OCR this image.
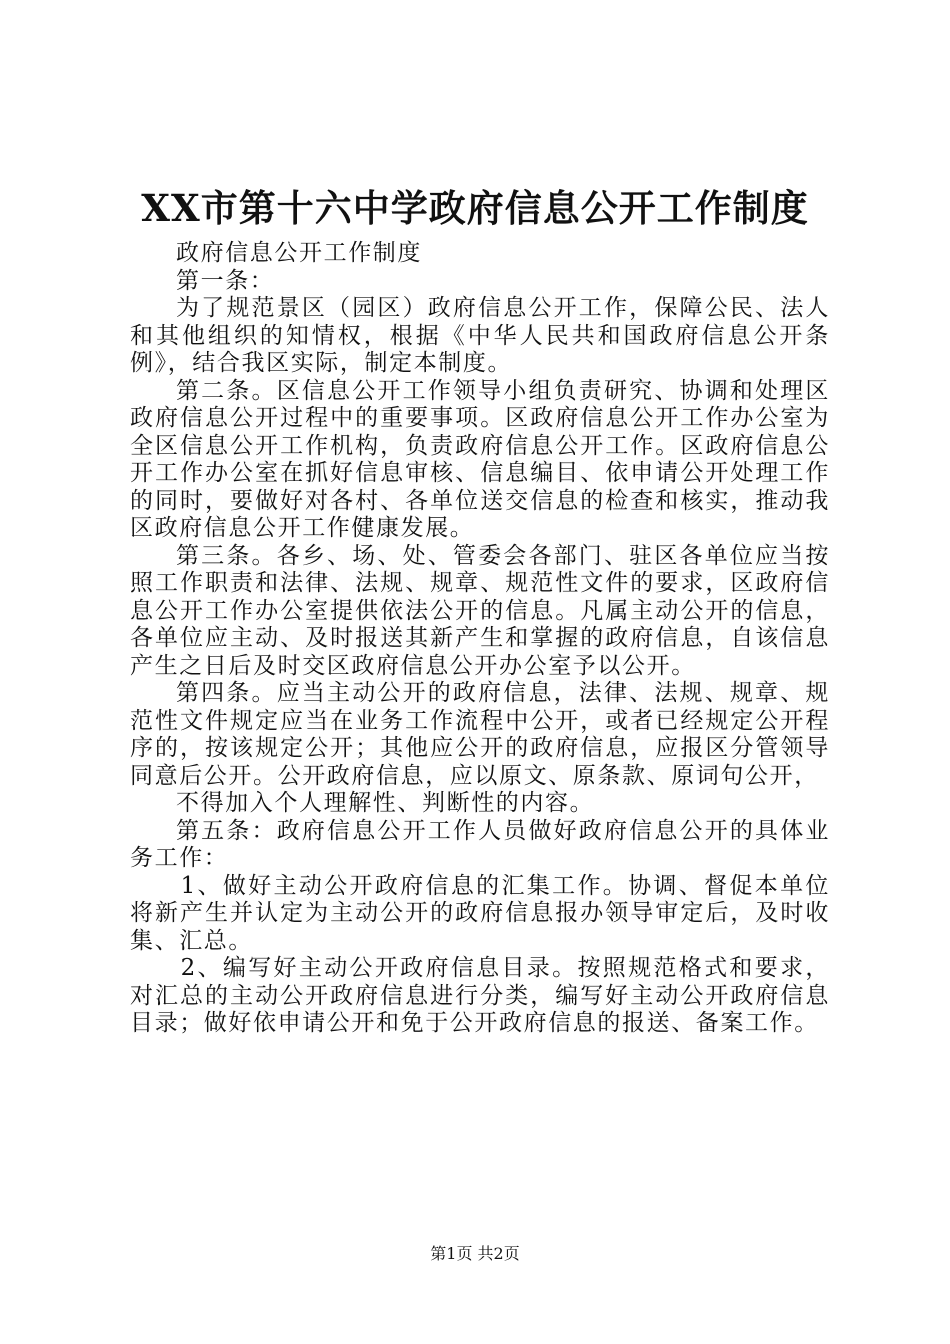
XX市第十六中学政府信息公开工作制度

政府信息公开工作制度

第一条：

为了规范景区（园区）政府信息公开工作，保障公民、法人和其他组织的知情权，根据《中华人民共和国政府信息公开条例》，结合我区实际，制定本制度。

第二条。区信息公开工作领导小组负责研究、协调和处理区政府信息公开过程中的重要事项。区政府信息公开工作办公室为全区信息公开工作机构，负责政府信息公开工作。区政府信息公开工作办公室在抓好信息审核、信息编目、依申请公开处理工作的同时，要做好对各村、各单位送交信息的检查和核实，推动我区政府信息公开工作健康发展。

第三条。各乡、场、处、管委会各部门、驻区各单位应当按照工作职责和法律、法规、规章、规范性文件的要求，区政府信息公开工作办公室提供依法公开的信息。凡属主动公开的信息，各单位应主动、及时报送其新产生和掌握的政府信息，自该信息产生之日后及时交区政府信息公开办公室予以公开。

第四条。应当主动公开的政府信息，法律、法规、规章、规范性文件规定应当在业务工作流程中公开，或者已经规定公开程序的，按该规定公开；其他应公开的政府信息，应报区分管领导同意后公开。公开政府信息，应以原文、原条款、原词句公开，

不得加入个人理解性、判断性的内容。

第五条：政府信息公开工作人员做好政府信息公开的具体业务工作：

1、做好主动公开政府信息的汇集工作。协调、督促本单位将新产生并认定为主动公开的政府信息报办领导审定后，及时收集、汇总。

2、编写好主动公开政府信息目录。按照规范格式和要求，对汇总的主动公开政府信息进行分类，编写好主动公开政府信息目录；做好依申请公开和免于公开政府信息的报送、备案工作。

第1页 共2页
